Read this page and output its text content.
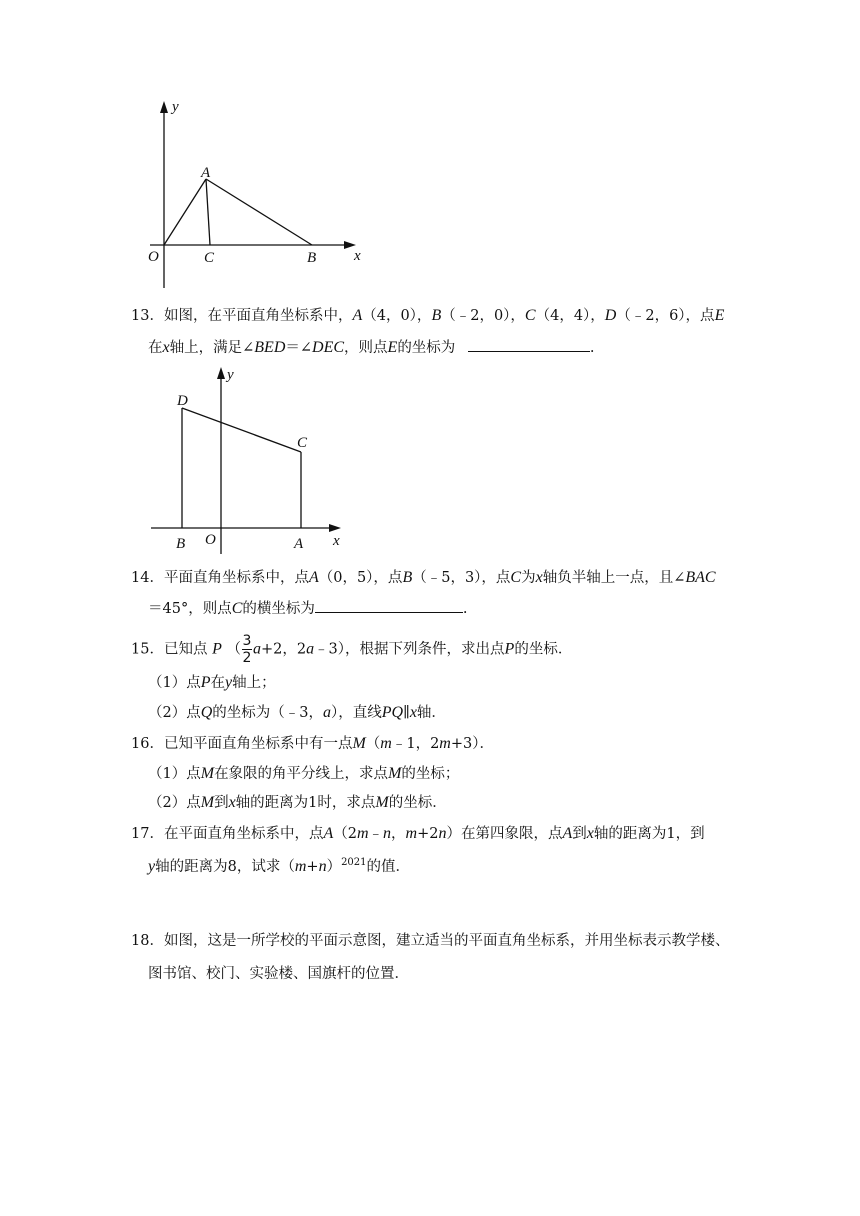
y
x
O
A
C	B
13．如图，在平面直角坐标系中，A（4，0），B（﹣2，0），C（4，4），D（﹣2，6），点E
在x轴上，满足∠BED＝∠DEC，则点E的坐标为	.
y
x
O
D
C
B	A
14．平面直角坐标系中，点A（0，5），点B（﹣5，3），点C为x轴负半轴上一点，且∠BAC
＝45°，则点C的横坐标为	.
15．已知点 P （ $\frac{3}{2} a+2$，2a﹣3），根据下列条件，求出点P的坐标．
（1）点P在y轴上；
（2）点Q的坐标为（﹣3，a），直线PQ∥x轴．
16．已知平面直角坐标系中有一点M（m﹣1，2m+3）．
（1）点M在象限的角平分线上，求点M的坐标；
（2）点M到x轴的距离为1时，求点M的坐标．
17．在平面直角坐标系中，点A（2m﹣n，m+2n）在第四象限，点A到x轴的距离为1，到
y轴的距离为8，试求$(m+n)^{2021}$的值．
18．如图，这是一所学校的平面示意图，建立适当的平面直角坐标系，并用坐标表示教学楼、
图书馆、校门、实验楼、国旗杆的位置．
